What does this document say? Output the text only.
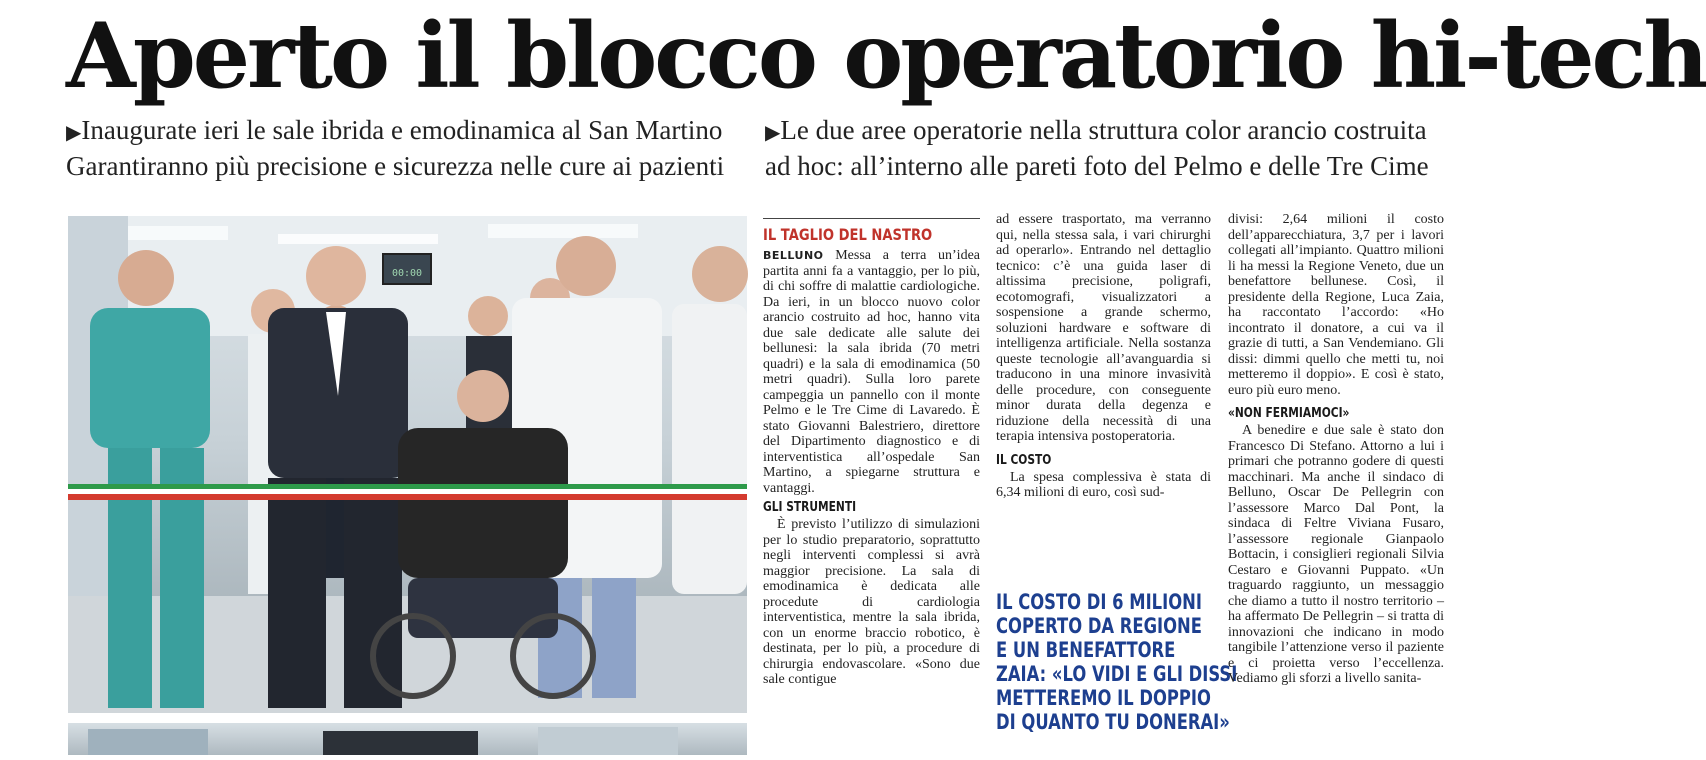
Aperto il blocco operatorio hi-tech
▶Inaugurate ieri le sale ibrida e emodinamica al San Martino
Garantiranno più precisione e sicurezza nelle cure ai pazienti
▶Le due aree operatorie nella struttura color arancio costruita
ad hoc: all’interno alle pareti foto del Pelmo e delle Tre Cime
00:00
IL TAGLIO DEL NASTRO

BELLUNO Messa a terra un’idea partita anni fa a vantaggio, per lo più, di chi soffre di malattie cardiologiche. Da ieri, in un blocco nuovo color arancio costruito ad hoc, hanno vita due sale dedicate alle salute dei bellunesi: la sala ibrida (70 metri quadri) e la sala di emodinamica (50 metri quadri). Sulla loro parete campeggia un pannello con il monte Pelmo e le Tre Cime di Lavaredo. È stato Giovanni Balestriero, direttore del Dipartimento diagnostico e di interventistica all’ospedale San Martino, a spiegarne struttura e vantaggi.

GLI STRUMENTI

È previsto l’utilizzo di simulazioni per lo studio preparatorio, soprattutto negli interventi complessi si avrà maggior precisione. La sala di emodinamica è dedicata alle procedute di cardiologia interventistica, mentre la sala ibrida, con un enorme braccio robotico, è destinata, per lo più, a procedure di chirurgia endovascolare. «Sono due sale contigue

ad essere trasportato, ma verranno qui, nella stessa sala, i vari chirurghi ad operarlo». Entrando nel dettaglio tecnico: c’è una guida laser di altissima precisione, poligrafi, ecotomografi, visualizzatori a sospensione a grande schermo, soluzioni hardware e software di intelligenza artificiale. Nella sostanza queste tecnologie all’avanguardia si traducono in una minore invasività delle procedure, con conseguente minor durata della degenza e riduzione della necessità di una terapia intensiva postoperatoria.

IL COSTO

La spesa complessiva è stata di 6,34 milioni di euro, così sud-

IL COSTO DI 6 MILIONI
COPERTO DA REGIONE
E UN BENEFATTORE
ZAIA: «LO VIDI E GLI DISSI
METTEREMO IL DOPPIO
DI QUANTO TU DONERAI»

divisi: 2,64 milioni il costo dell’apparecchiatura, 3,7 per i lavori collegati all’impianto. Quattro milioni li ha messi la Regione Veneto, due un benefattore bellunese. Così, il presidente della Regione, Luca Zaia, ha raccontato l’accordo: «Ho incontrato il donatore, a cui va il grazie di tutti, a San Vendemiano. Gli dissi: dimmi quello che metti tu, noi metteremo il doppio». E così è stato, euro più euro meno.

«NON FERMIAMOCI»

A benedire e due sale è stato don Francesco Di Stefano. Attorno a lui i primari che potranno godere di questi macchinari. Ma anche il sindaco di Belluno, Oscar De Pellegrin con l’assessore Marco Dal Pont, la sindaca di Feltre Viviana Fusaro, l’assessore regionale Gianpaolo Bottacin, i consiglieri regionali Silvia Cestaro e Giovanni Puppato. «Un traguardo raggiunto, un messaggio che diamo a tutto il nostro territorio – ha affermato De Pellegrin – si tratta di innovazioni che indicano in modo tangibile l’attenzione verso il paziente e ci proietta verso l’eccellenza. Vediamo gli sforzi a livello sanita-
